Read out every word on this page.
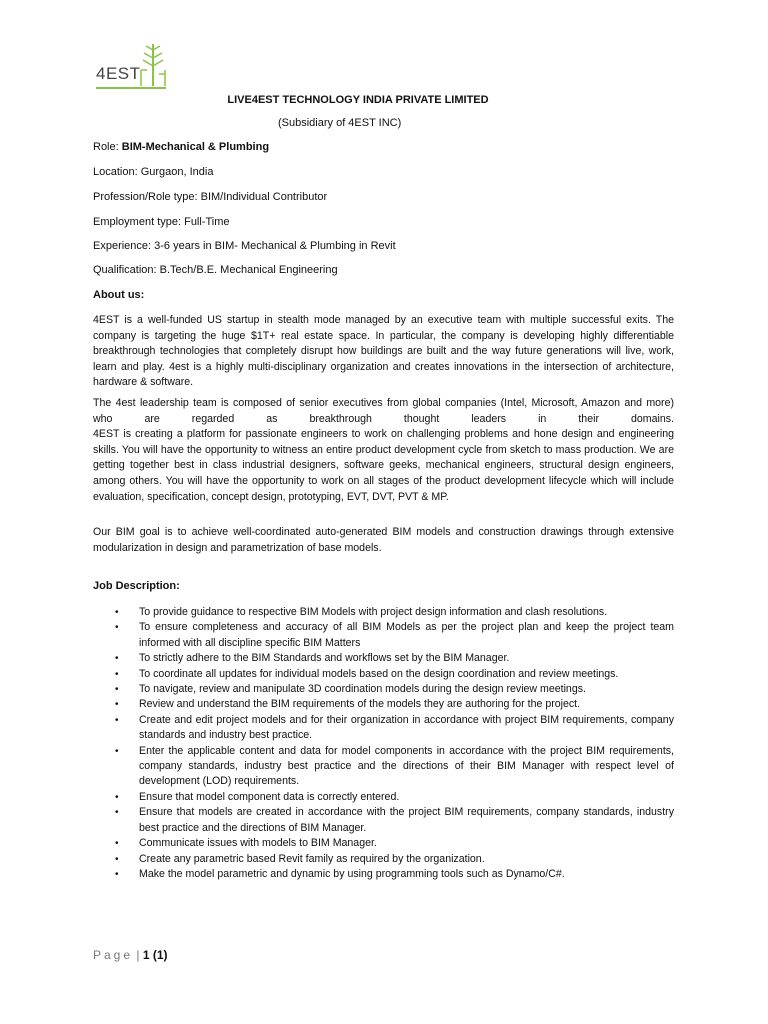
4EST
LIVE4EST TECHNOLOGY INDIA PRIVATE LIMITED
(Subsidiary of 4EST INC)
Role: BIM-Mechanical & Plumbing
Location: Gurgaon, India
Profession/Role type: BIM/Individual Contributor
Employment type: Full-Time
Experience: 3-6 years in BIM- Mechanical & Plumbing in Revit
Qualification: B.Tech/B.E. Mechanical Engineering
About us:

4EST is a well-funded US startup in stealth mode managed by an executive team with multiple successful exits. The company is targeting the huge $1T+ real estate space. In particular, the company is developing highly differentiable breakthrough technologies that completely disrupt how buildings are built and the way future generations will live, work, learn and play. 4est is a highly multi-disciplinary organization and creates innovations in the intersection of architecture, hardware & software.

The 4est leadership team is composed of senior executives from global companies (Intel, Microsoft, Amazon and more) who are regarded as breakthrough thought leaders in their domains.
4EST is creating a platform for passionate engineers to work on challenging problems and hone design and engineering skills. You will have the opportunity to witness an entire product development cycle from sketch to mass production. We are getting together best in class industrial designers, software geeks, mechanical engineers, structural design engineers, among others. You will have the opportunity to work on all stages of the product development lifecycle which will include evaluation, specification, concept design, prototyping, EVT, DVT, PVT & MP.

Our BIM goal is to achieve well-coordinated auto-generated BIM models and construction drawings through extensive modularization in design and parametrization of base models.

Job Description:
• To provide guidance to respective BIM Models with project design information and clash resolutions.
• To ensure completeness and accuracy of all BIM Models as per the project plan and keep the project team informed with all discipline specific BIM Matters
• To strictly adhere to the BIM Standards and workflows set by the BIM Manager.
• To coordinate all updates for individual models based on the design coordination and review meetings.
• To navigate, review and manipulate 3D coordination models during the design review meetings.
• Review and understand the BIM requirements of the models they are authoring for the project.
• Create and edit project models and for their organization in accordance with project BIM requirements, company standards and industry best practice.
• Enter the applicable content and data for model components in accordance with the project BIM requirements, company standards, industry best practice and the directions of their BIM Manager with respect level of development (LOD) requirements.
• Ensure that model component data is correctly entered.
• Ensure that models are created in accordance with the project BIM requirements, company standards, industry best practice and the directions of BIM Manager.
• Communicate issues with models to BIM Manager.
• Create any parametric based Revit family as required by the organization.
• Make the model parametric and dynamic by using programming tools such as Dynamo/C#.
Page | 1 (1)
